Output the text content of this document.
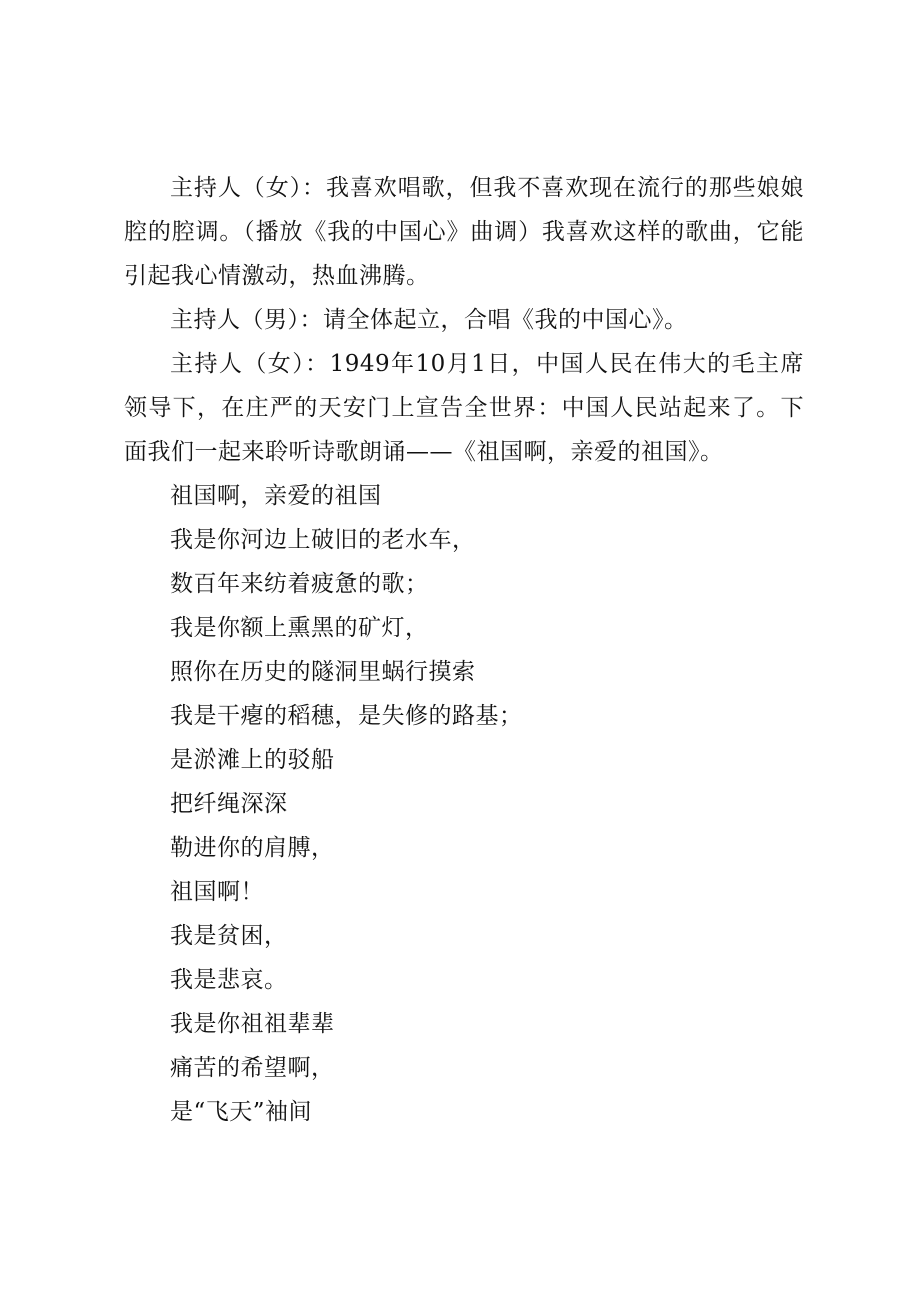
主持人（女）：我喜欢唱歌，但我不喜欢现在流行的那些娘娘腔的腔调。（播放《我的中国心》曲调）我喜欢这样的歌曲，它能引起我心情激动，热血沸腾。

主持人（男）：请全体起立，合唱《我的中国心》。

主持人（女）：1949年10月1日，中国人民在伟大的毛主席领导下，在庄严的天安门上宣告全世界：中国人民站起来了。下面我们一起来聆听诗歌朗诵——《祖国啊，亲爱的祖国》。

祖国啊，亲爱的祖国
我是你河边上破旧的老水车，
数百年来纺着疲惫的歌；
我是你额上熏黑的矿灯，
照你在历史的隧洞里蜗行摸索
我是干瘪的稻穗，是失修的路基；
是淤滩上的驳船
把纤绳深深
勒进你的肩膊，
祖国啊！
我是贫困，
我是悲哀。
我是你祖祖辈辈
痛苦的希望啊，
是“飞天”袖间
